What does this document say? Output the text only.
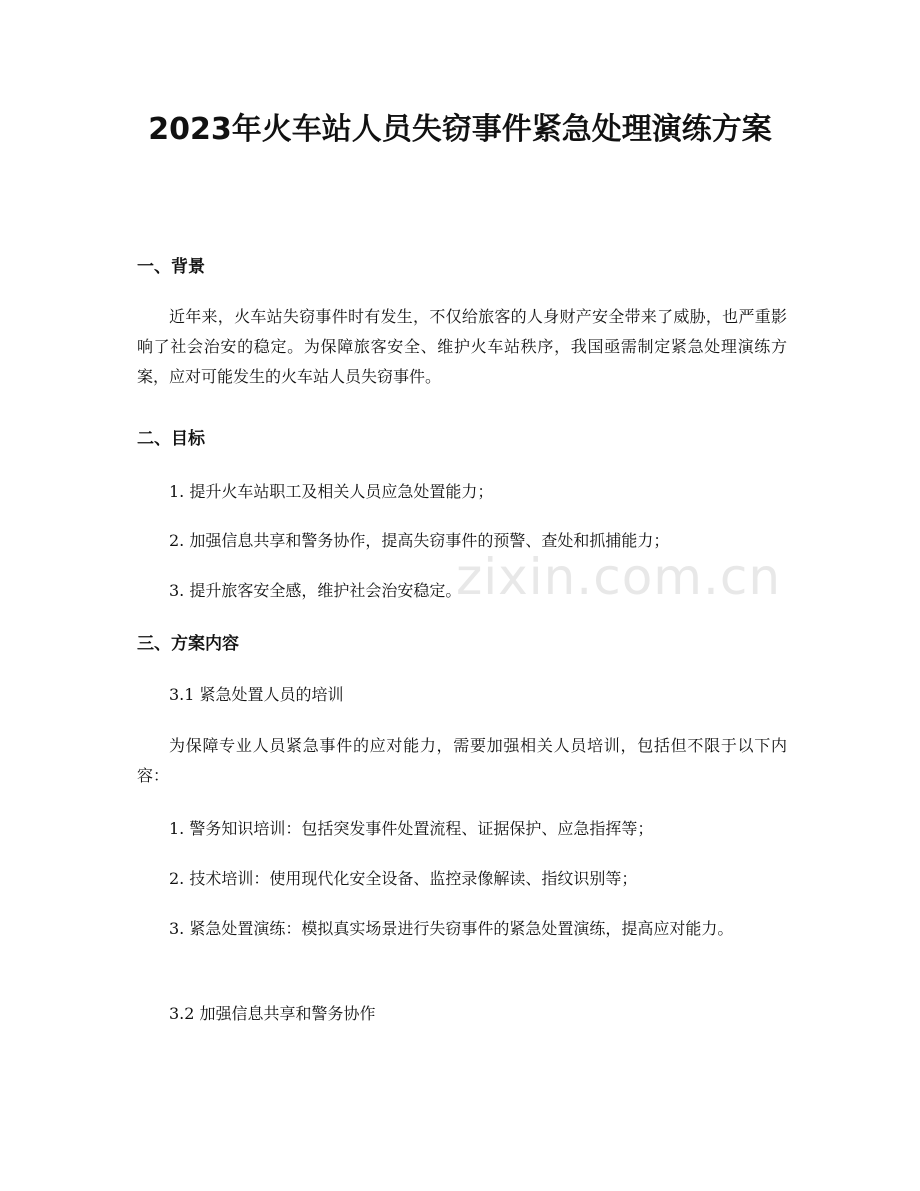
2023年火车站人员失窃事件紧急处理演练方案
一、背景

近年来，火车站失窃事件时有发生，不仅给旅客的人身财产安全带来了威胁，也严重影响了社会治安的稳定。为保障旅客安全、维护火车站秩序，我国亟需制定紧急处理演练方案，应对可能发生的火车站人员失窃事件。

二、目标

1. 提升火车站职工及相关人员应急处置能力；

2. 加强信息共享和警务协作，提高失窃事件的预警、查处和抓捕能力；

3. 提升旅客安全感，维护社会治安稳定。

三、方案内容

3.1 紧急处置人员的培训

为保障专业人员紧急事件的应对能力，需要加强相关人员培训，包括但不限于以下内容：

1. 警务知识培训：包括突发事件处置流程、证据保护、应急指挥等；

2. 技术培训：使用现代化安全设备、监控录像解读、指纹识别等；

3. 紧急处置演练：模拟真实场景进行失窃事件的紧急处置演练，提高应对能力。

3.2 加强信息共享和警务协作

zixin.com.cn
